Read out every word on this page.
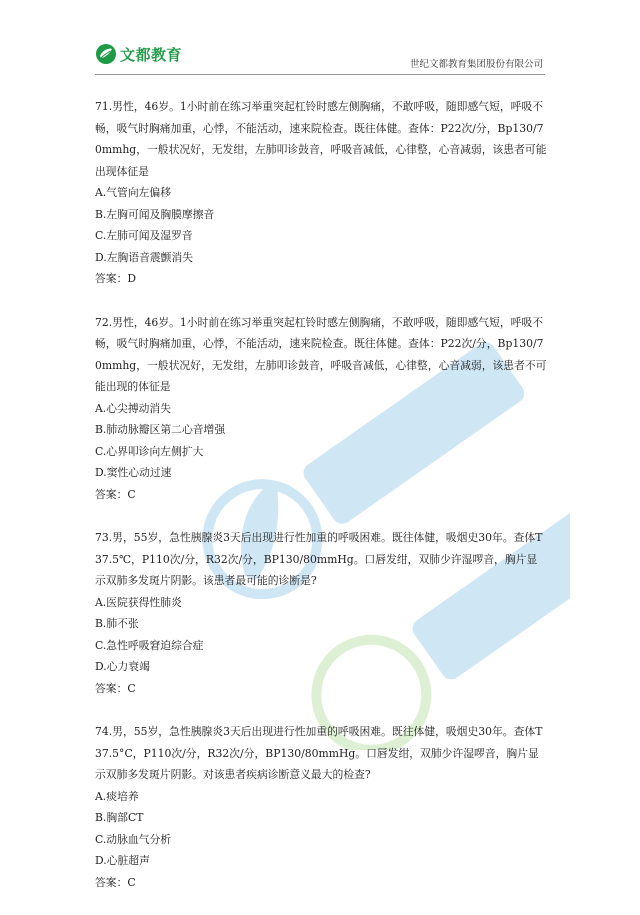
文都教育
世纪文都教育集团股份有限公司

71.男性，46岁。1小时前在练习举重突起杠铃时感左侧胸痛，不敢呼吸，随即感气短，呼吸不畅，吸气时胸痛加重，心悸，不能活动，速来院检查。既往体健。查体：P22次/分，Bp130/70mmhg，一般状况好，无发绀，左肺叩诊鼓音，呼吸音减低，心律整，心音减弱，该患者可能出现体征是

A.气管向左偏移

B.左胸可闻及胸膜摩擦音

C.左肺可闻及湿罗音

D.左胸语音震颤消失

答案：D

72.男性，46岁。1小时前在练习举重突起杠铃时感左侧胸痛，不敢呼吸，随即感气短，呼吸不畅，吸气时胸痛加重，心悸，不能活动，速来院检查。既往体健。查体：P22次/分，Bp130/70mmhg，一般状况好，无发绀，左肺叩诊鼓音，呼吸音减低，心律整，心音减弱，该患者不可能出现的体征是

A.心尖搏动消失

B.肺动脉瓣区第二心音增强

C.心界叩诊向左侧扩大

D.窦性心动过速

答案：C

73.男，55岁，急性胰腺炎3天后出现进行性加重的呼吸困难。既往体健，吸烟史30年。查体T37.5℃，P110次/分，R32次/分，BP130/80mmHg。口唇发绀，双肺少许湿啰音，胸片显示双肺多发斑片阴影。该患者最可能的诊断是?

A.医院获得性肺炎

B.肺不张

C.急性呼吸窘迫综合症

D.心力衰竭

答案：C

74.男，55岁，急性胰腺炎3天后出现进行性加重的呼吸困难。既往体健，吸烟史30年。查体T37.5°C，P110次/分，R32次/分，BP130/80mmHg。口唇发绀，双肺少许湿啰音，胸片显示双肺多发斑片阴影。对该患者疾病诊断意义最大的检查?

A.痰培养

B.胸部CT

C.动脉血气分析

D.心脏超声

答案：C
